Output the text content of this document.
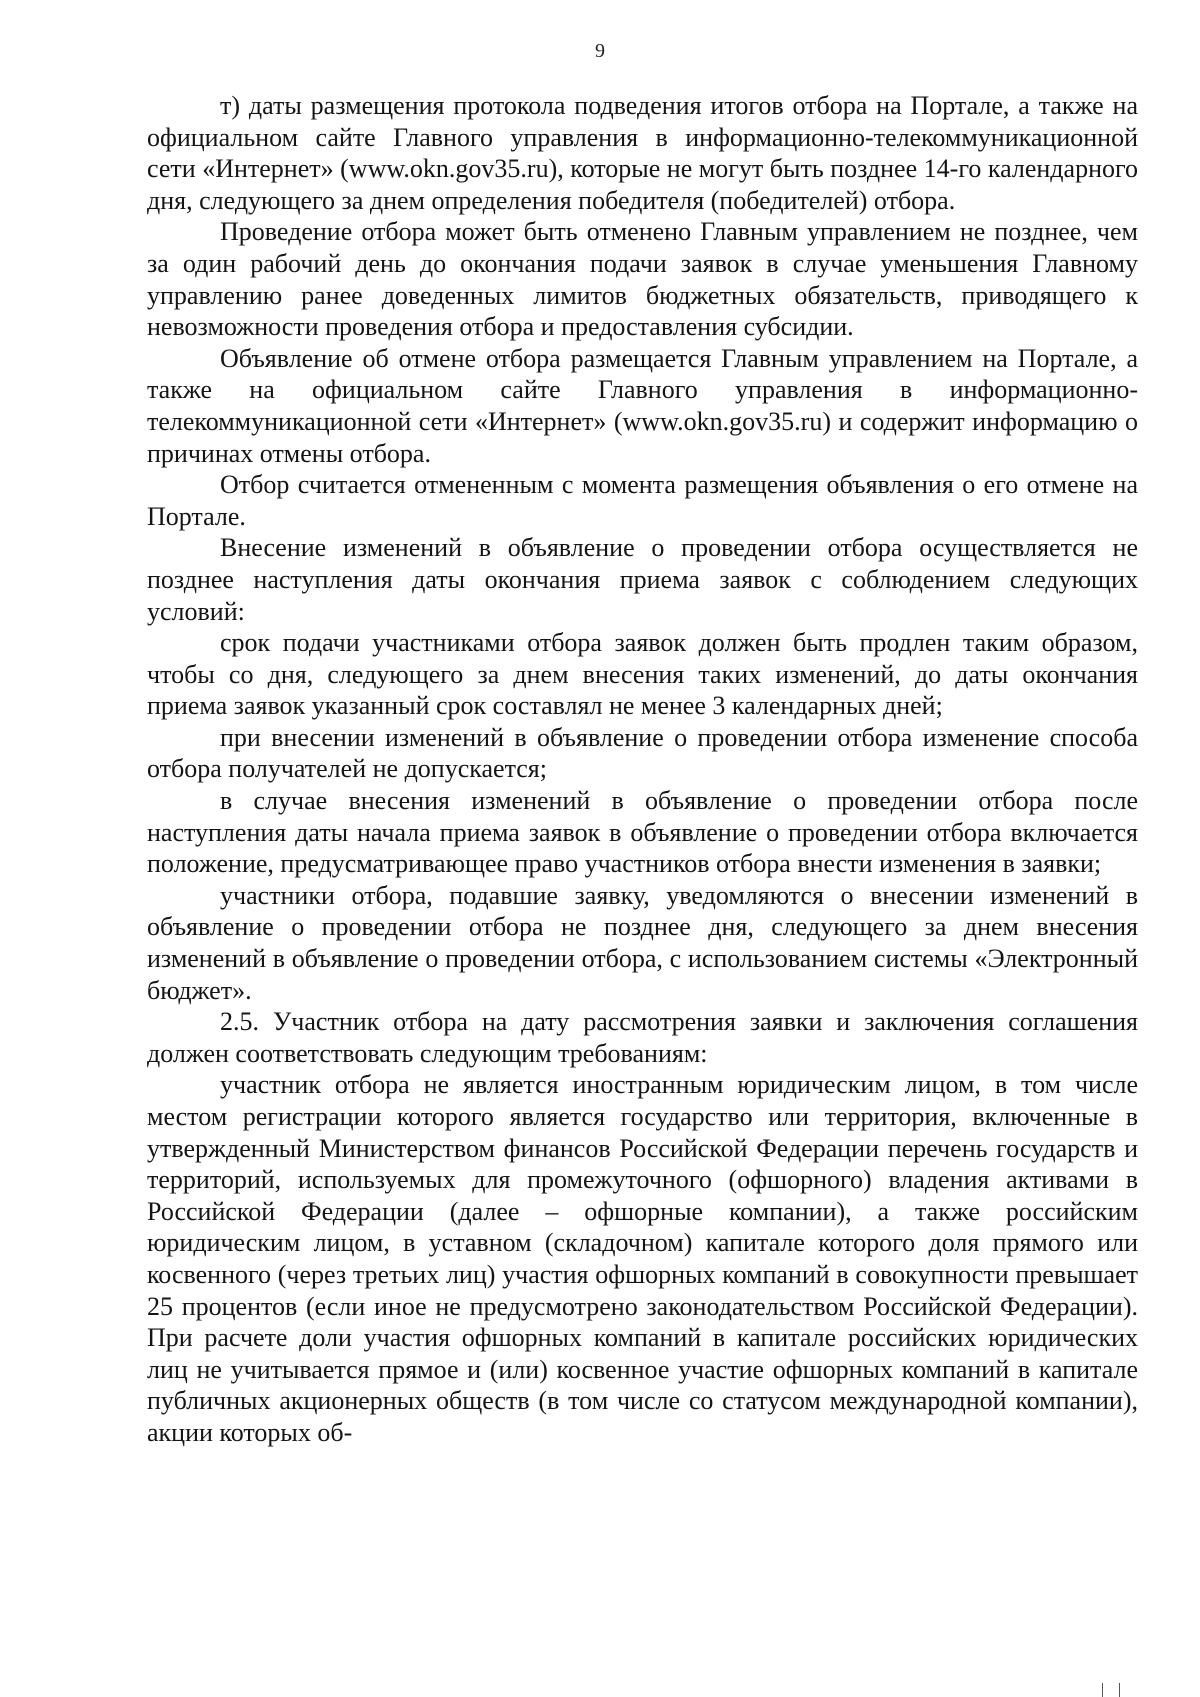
9

т) даты размещения протокола подведения итогов отбора на Портале, а также на официальном сайте Главного управления в информационно-телекоммуникационной сети «Интернет» (www.okn.gov35.ru), которые не могут быть позднее 14-го календарного дня, следующего за днем определения победителя (победителей) отбора.

Проведение отбора может быть отменено Главным управлением не позднее, чем за один рабочий день до окончания подачи заявок в случае уменьшения Главному управлению ранее доведенных лимитов бюджетных обязательств, приводящего к невозможности проведения отбора и предоставления субсидии.

Объявление об отмене отбора размещается Главным управлением на Портале, а также на официальном сайте Главного управления в информационно-телекоммуникационной сети «Интернет» (www.okn.gov35.ru) и содержит информацию о причинах отмены отбора.

Отбор считается отмененным с момента размещения объявления о его отмене на Портале.

Внесение изменений в объявление о проведении отбора осуществляется не позднее наступления даты окончания приема заявок с соблюдением следующих условий:

срок подачи участниками отбора заявок должен быть продлен таким образом, чтобы со дня, следующего за днем внесения таких изменений, до даты окончания приема заявок указанный срок составлял не менее 3 календарных дней;

при внесении изменений в объявление о проведении отбора изменение способа отбора получателей не допускается;

в случае внесения изменений в объявление о проведении отбора после наступления даты начала приема заявок в объявление о проведении отбора включается положение, предусматривающее право участников отбора внести изменения в заявки;

участники отбора, подавшие заявку, уведомляются о внесении изменений в объявление о проведении отбора не позднее дня, следующего за днем внесения изменений в объявление о проведении отбора, с использованием системы «Электронный бюджет».

2.5. Участник отбора на дату рассмотрения заявки и заключения соглашения должен соответствовать следующим требованиям:

участник отбора не является иностранным юридическим лицом, в том числе местом регистрации которого является государство или территория, включенные в утвержденный Министерством финансов Российской Федерации перечень государств и территорий, используемых для промежуточного (офшорного) владения активами в Российской Федерации (далее – офшорные компании), а также российским юридическим лицом, в уставном (складочном) капитале которого доля прямого или косвенного (через третьих лиц) участия офшорных компаний в совокупности превышает 25 процентов (если иное не предусмотрено законодательством Российской Федерации). При расчете доли участия офшорных компаний в капитале российских юридических лиц не учитывается прямое и (или) косвенное участие офшорных компаний в капитале публичных акционерных обществ (в том числе со статусом международной компании), акции которых об-
